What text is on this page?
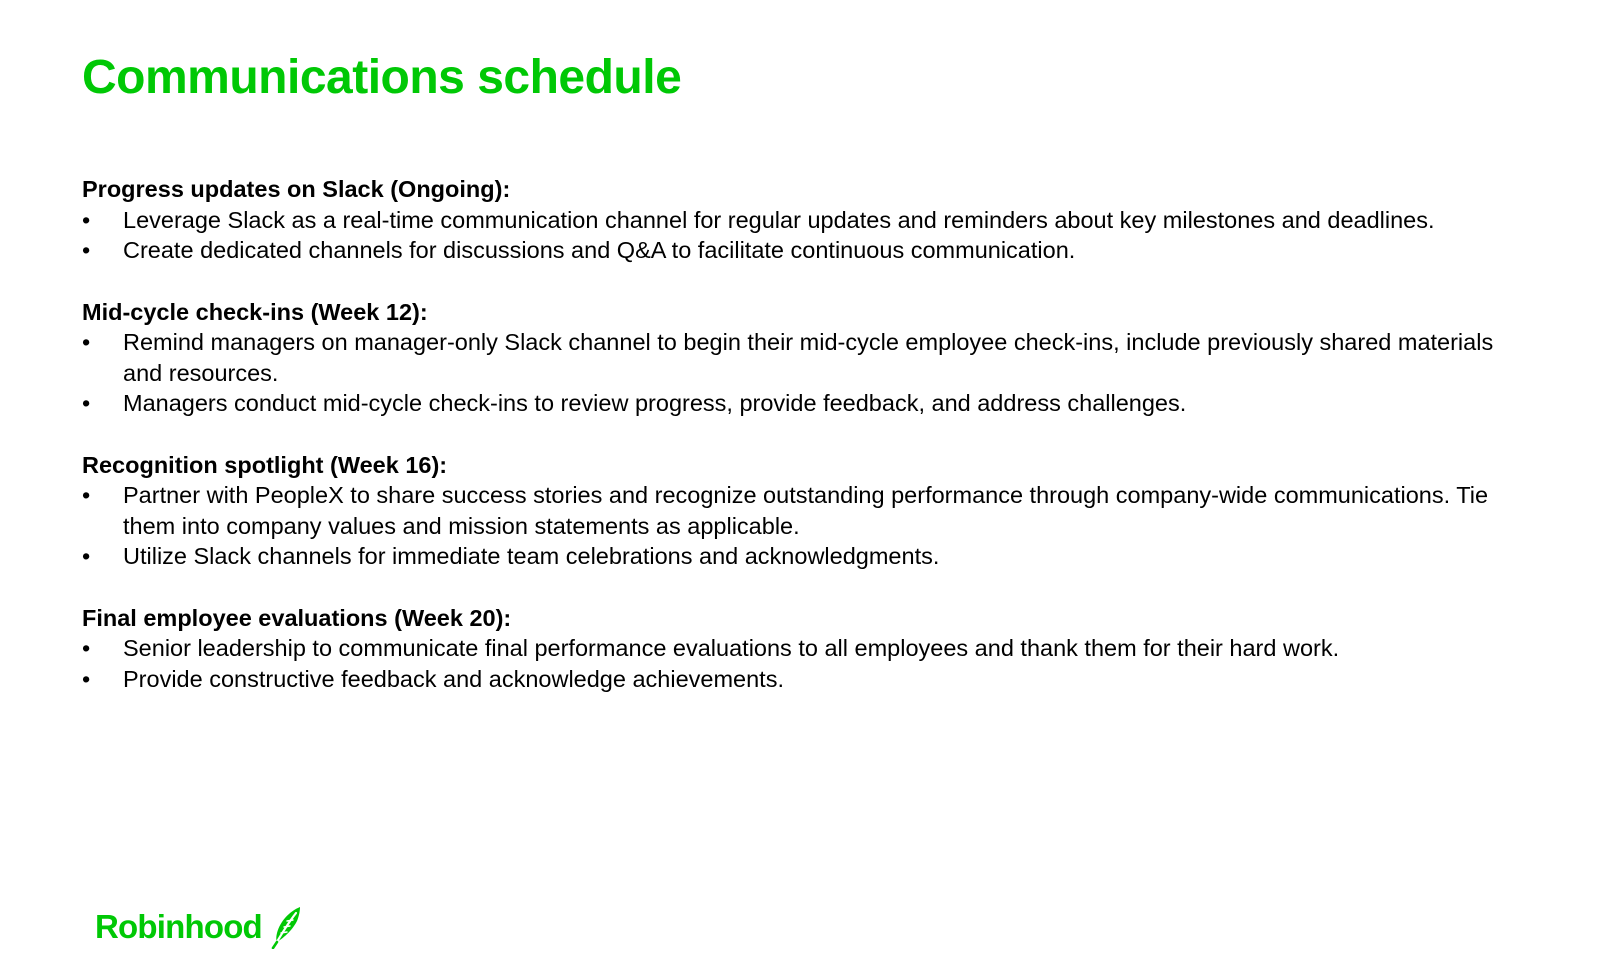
Communications schedule

Progress updates on Slack (Ongoing):

•	Leverage Slack as a real-time communication channel for regular updates and reminders about key milestones and deadlines.
•	Create dedicated channels for discussions and Q&A to facilitate continuous communication.

Mid-cycle check-ins (Week 12):

•	Remind managers on manager-only Slack channel to begin their mid-cycle employee check-ins, include previously shared materials and resources.
•	Managers conduct mid-cycle check-ins to review progress, provide feedback, and address challenges.

Recognition spotlight (Week 16):

•	Partner with PeopleX to share success stories and recognize outstanding performance through company-wide communications. Tie them into company values and mission statements as applicable.
•	Utilize Slack channels for immediate team celebrations and acknowledgments.

Final employee evaluations (Week 20):

•	Senior leadership to communicate final performance evaluations to all employees and thank them for their hard work.
•	Provide constructive feedback and acknowledge achievements.
Robinhood
